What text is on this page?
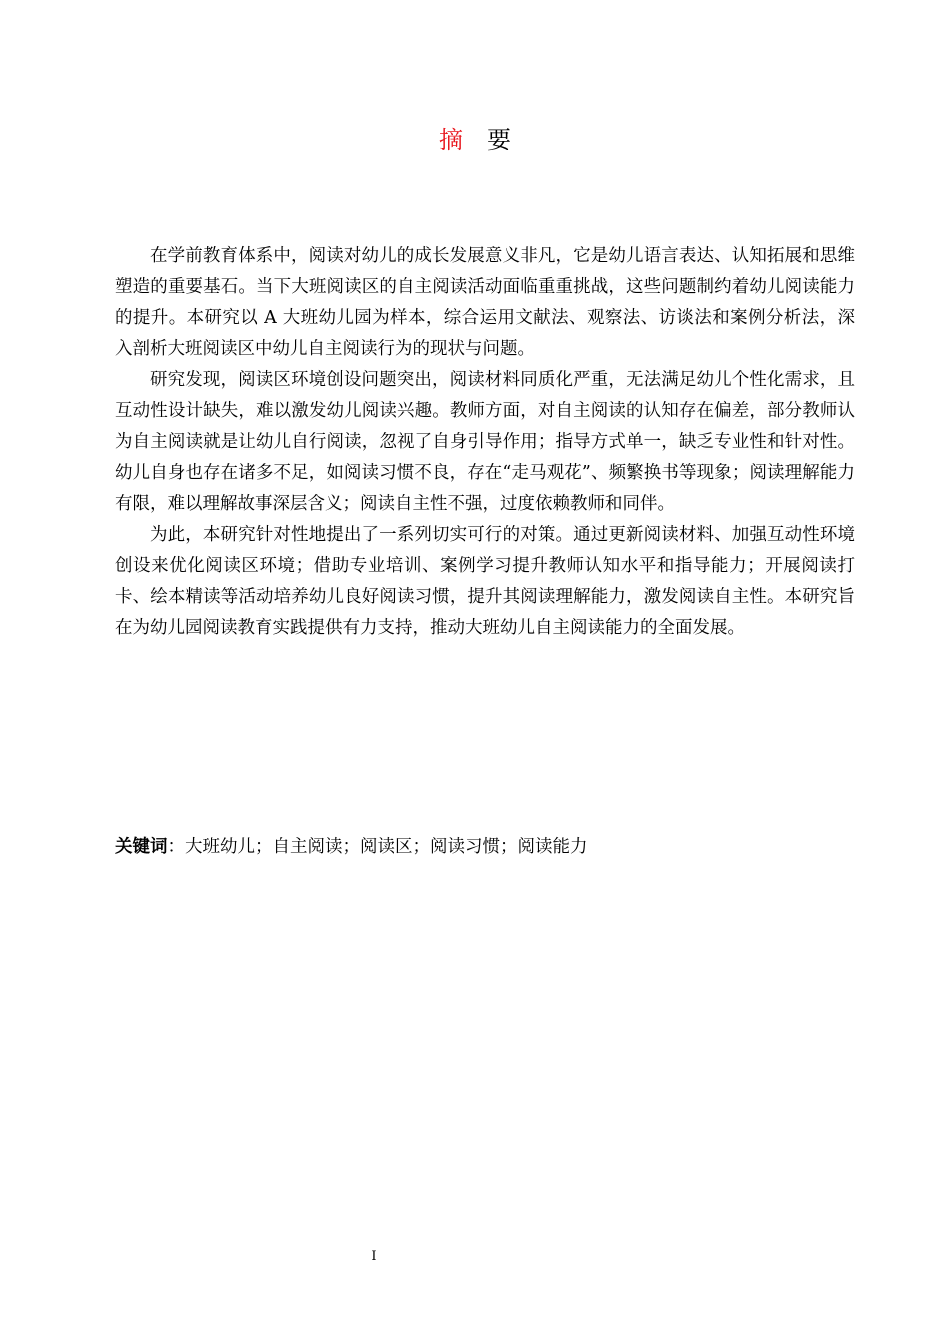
摘 要

在学前教育体系中，阅读对幼儿的成长发展意义非凡，它是幼儿语言表达、认知拓展和思维塑造的重要基石。当下大班阅读区的自主阅读活动面临重重挑战，这些问题制约着幼儿阅读能力的提升。本研究以 A 大班幼儿园为样本，综合运用文献法、观察法、访谈法和案例分析法，深入剖析大班阅读区中幼儿自主阅读行为的现状与问题。

研究发现，阅读区环境创设问题突出，阅读材料同质化严重，无法满足幼儿个性化需求，且互动性设计缺失，难以激发幼儿阅读兴趣。教师方面，对自主阅读的认知存在偏差，部分教师认为自主阅读就是让幼儿自行阅读，忽视了自身引导作用；指导方式单一，缺乏专业性和针对性。幼儿自身也存在诸多不足，如阅读习惯不良，存在“走马观花”、频繁换书等现象；阅读理解能力有限，难以理解故事深层含义；阅读自主性不强，过度依赖教师和同伴。

为此，本研究针对性地提出了一系列切实可行的对策。通过更新阅读材料、加强互动性环境创设来优化阅读区环境；借助专业培训、案例学习提升教师认知水平和指导能力；开展阅读打卡、绘本精读等活动培养幼儿良好阅读习惯，提升其阅读理解能力，激发阅读自主性。本研究旨在为幼儿园阅读教育实践提供有力支持，推动大班幼儿自主阅读能力的全面发展。

关键词：大班幼儿；自主阅读；阅读区；阅读习惯；阅读能力
I
